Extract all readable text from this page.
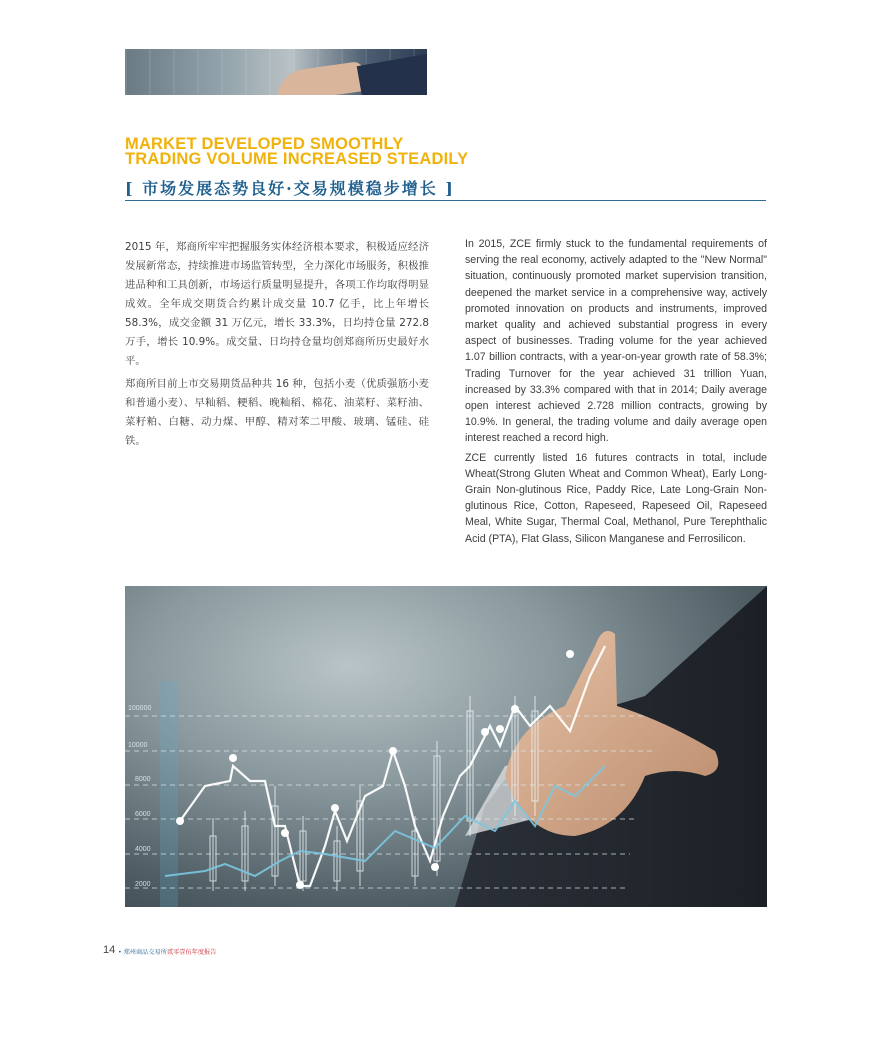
MARKET DEVELOPED SMOOTHLY
TRADING VOLUME INCREASED STEADILY
[ 市场发展态势良好·交易规模稳步增长 ]

2015 年，郑商所牢牢把握服务实体经济根本要求，积极适应经济发展新常态，持续推进市场监管转型，全力深化市场服务，积极推进品种和工具创新，市场运行质量明显提升，各项工作均取得明显成效。全年成交期货合约累计成交量 10.7 亿手，比上年增长 58.3%，成交金额 31 万亿元，增长 33.3%，日均持仓量 272.8 万手，增长 10.9%。成交量、日均持仓量均创郑商所历史最好水平。

郑商所目前上市交易期货品种共 16 种，包括小麦（优质强筋小麦和普通小麦）、早籼稻、粳稻、晚籼稻、棉花、油菜籽、菜籽油、菜籽粕、白糖、动力煤、甲醇、精对苯二甲酸、玻璃、锰硅、硅铁。

In 2015, ZCE firmly stuck to the fundamental requirements of serving the real economy, actively adapted to the "New Normal" situation, continuously promoted market supervision transition, deepened the market service in a comprehensive way, actively promoted innovation on products and instruments, improved market quality and achieved substantial progress in every aspect of businesses. Trading volume for the year achieved 1.07 billion contracts, with a year-on-year growth rate of 58.3%; Trading Turnover for the year achieved 31 trillion Yuan, increased by 33.3% compared with that in 2014; Daily average open interest achieved 2.728 million contracts, growing by 10.9%. In general, the trading volume and daily average open interest reached a record high.

ZCE currently listed 16 futures contracts in total, include Wheat(Strong Gluten Wheat and Common Wheat), Early Long-Grain Non-glutinous Rice, Paddy Rice, Late Long-Grain Non-glutinous Rice, Cotton, Rapeseed, Rapeseed Oil, Rapeseed Meal, White Sugar, Thermal Coal, Methanol, Pure Terephthalic Acid (PTA), Flat Glass, Silicon Manganese and Ferrosilicon.

100000
10000
8000
6000
4000
2000
14 • 郑州商品交易所贰零壹伍年度报告
